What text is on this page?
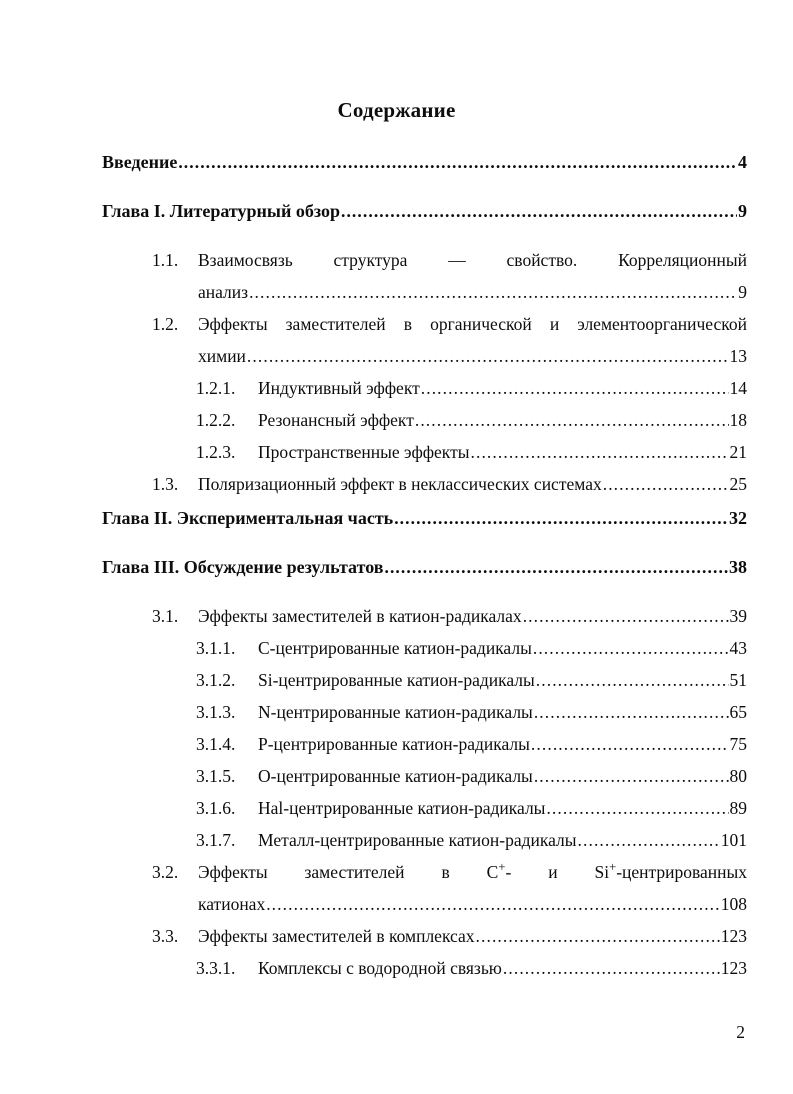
Содержание
Введение .....	4
Глава I. Литературный обзор .....	9
1.1.	Взаимосвязь структура — свойство. Корреляционный
анализ .....	9
1.2.	Эффекты заместителей в органической и элементоорганической
химии .....	13
1.2.1.	Индуктивный эффект .....	14
1.2.2.	Резонансный эффект .....	18
1.2.3.	Пространственные эффекты .....	21
1.3.	Поляризационный эффект в неклассических системах .....	25
Глава II. Экспериментальная часть .....	32
Глава III. Обсуждение результатов .....	38
3.1.	Эффекты заместителей в катион-радикалах .....	39
3.1.1.	C-центрированные катион-радикалы .....	43
3.1.2.	Si-центрированные катион-радикалы .....	51
3.1.3.	N-центрированные катион-радикалы .....	65
3.1.4.	P-центрированные катион-радикалы .....	75
3.1.5.	O-центрированные катион-радикалы .....	80
3.1.6.	Hal-центрированные катион-радикалы .....	89
3.1.7.	Металл-центрированные катион-радикалы .....	101
3.2.	Эффекты заместителей в C+- и Si+-центрированных
катионах .....	108
3.3.	Эффекты заместителей в комплексах .....	123
3.3.1.	Комплексы с водородной связью .....	123
2
